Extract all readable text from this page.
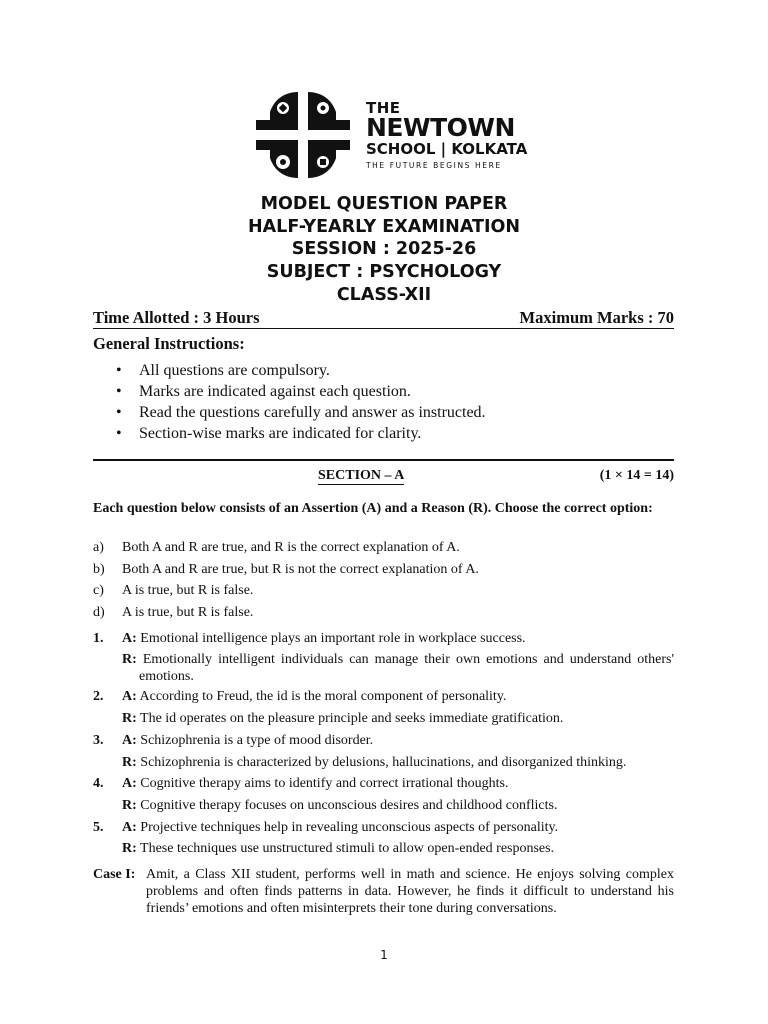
THE
NEWTOWN
SCHOOL | KOLKATA
THE FUTURE BEGINS HERE
MODEL QUESTION PAPER
HALF-YEARLY EXAMINATION
SESSION : 2025-26
SUBJECT : PSYCHOLOGY
CLASS-XII
Time Allotted : 3 Hours	Maximum Marks : 70
General Instructions:
• All questions are compulsory.
• Marks are indicated against each question.
• Read the questions carefully and answer as instructed.
• Section-wise marks are indicated for clarity.
SECTION – A	(1 × 14 = 14)
Each question below consists of an Assertion (A) and a Reason (R). Choose the correct option:
a) Both A and R are true, and R is the correct explanation of A.
b) Both A and R are true, but R is not the correct explanation of A.
c) A is true, but R is false.
d) A is true, but R is false.
1. A: Emotional intelligence plays an important role in workplace success.
R: Emotionally intelligent individuals can manage their own emotions and understand others' emotions.
2. A: According to Freud, the id is the moral component of personality.
R: The id operates on the pleasure principle and seeks immediate gratification.
3. A: Schizophrenia is a type of mood disorder.
R: Schizophrenia is characterized by delusions, hallucinations, and disorganized thinking.
4. A: Cognitive therapy aims to identify and correct irrational thoughts.
R: Cognitive therapy focuses on unconscious desires and childhood conflicts.
5. A: Projective techniques help in revealing unconscious aspects of personality.
R: These techniques use unstructured stimuli to allow open-ended responses.
Case I: Amit, a Class XII student, performs well in math and science. He enjoys solving complex problems and often finds patterns in data. However, he finds it difficult to understand his friends’ emotions and often misinterprets their tone during conversations.
1
